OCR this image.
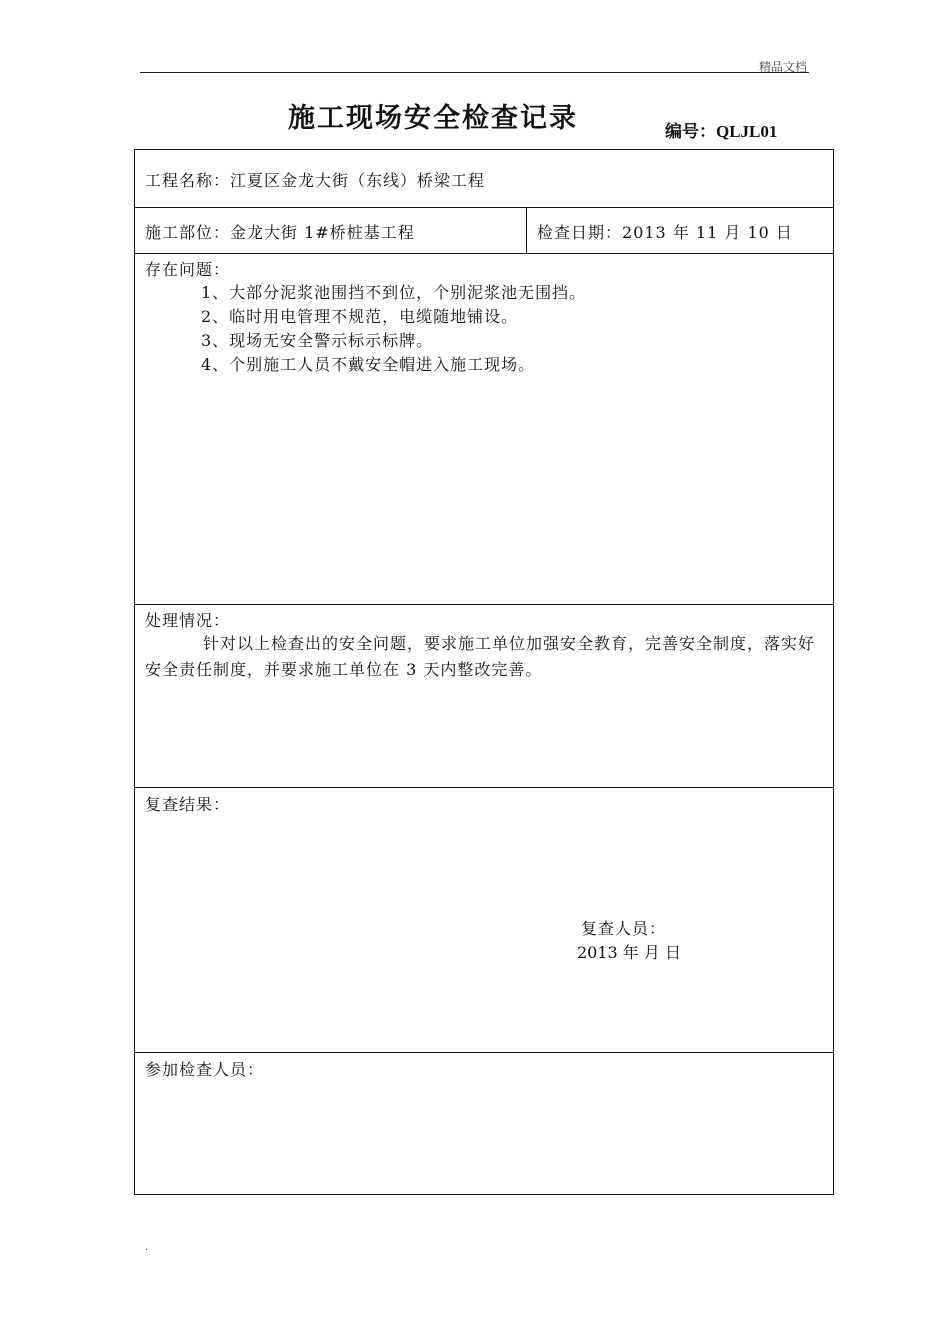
精品文档
施工现场安全检查记录	编号：QLJL01
工程名称：江夏区金龙大街（东线）桥梁工程
施工部位：金龙大街 1#桥桩基工程	检查日期：2013 年 11 月 10 日
存在问题：
1、大部分泥浆池围挡不到位，个别泥浆池无围挡。
2、临时用电管理不规范，电缆随地铺设。
3、现场无安全警示标示标牌。
4、个别施工人员不戴安全帽进入施工现场。
处理情况：
针对以上检查出的安全问题，要求施工单位加强安全教育，完善安全制度，落实好安全责任制度，并要求施工单位在 3 天内整改完善。
复查结果：
复查人员：
2013 年 月 日
参加检查人员：
.
